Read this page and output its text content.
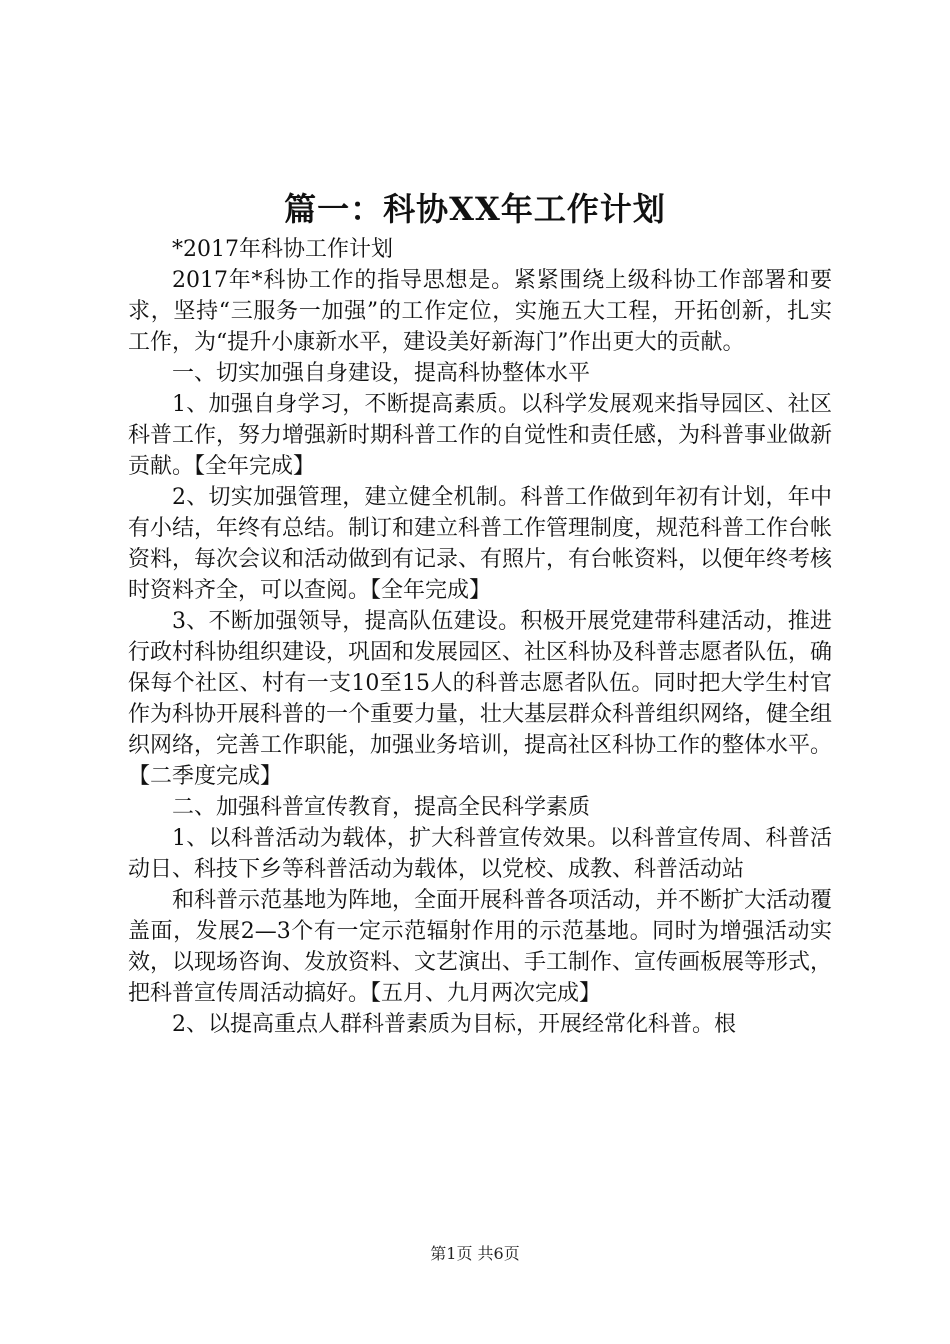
篇一：科协XX年工作计划

*2017年科协工作计划

2017年*科协工作的指导思想是。紧紧围绕上级科协工作部署和要求，坚持“三服务一加强”的工作定位，实施五大工程，开拓创新，扎实工作，为“提升小康新水平，建设美好新海门”作出更大的贡献。

一、切实加强自身建设，提高科协整体水平

1、加强自身学习，不断提高素质。以科学发展观来指导园区、社区科普工作，努力增强新时期科普工作的自觉性和责任感，为科普事业做新贡献。【全年完成】

2、切实加强管理，建立健全机制。科普工作做到年初有计划，年中有小结，年终有总结。制订和建立科普工作管理制度，规范科普工作台帐资料，每次会议和活动做到有记录、有照片，有台帐资料，以便年终考核时资料齐全，可以查阅。【全年完成】

3、不断加强领导，提高队伍建设。积极开展党建带科建活动，推进行政村科协组织建设，巩固和发展园区、社区科协及科普志愿者队伍，确保每个社区、村有一支10至15人的科普志愿者队伍。同时把大学生村官作为科协开展科普的一个重要力量，壮大基层群众科普组织网络，健全组织网络，完善工作职能，加强业务培训，提高社区科协工作的整体水平。【二季度完成】

二、加强科普宣传教育，提高全民科学素质

1、以科普活动为载体，扩大科普宣传效果。以科普宣传周、科普活动日、科技下乡等科普活动为载体，以党校、成教、科普活动站

和科普示范基地为阵地，全面开展科普各项活动，并不断扩大活动覆盖面，发展2—3个有一定示范辐射作用的示范基地。同时为增强活动实效，以现场咨询、发放资料、文艺演出、手工制作、宣传画板展等形式，把科普宣传周活动搞好。【五月、九月两次完成】

2、以提高重点人群科普素质为目标，开展经常化科普。根

第1页 共6页
